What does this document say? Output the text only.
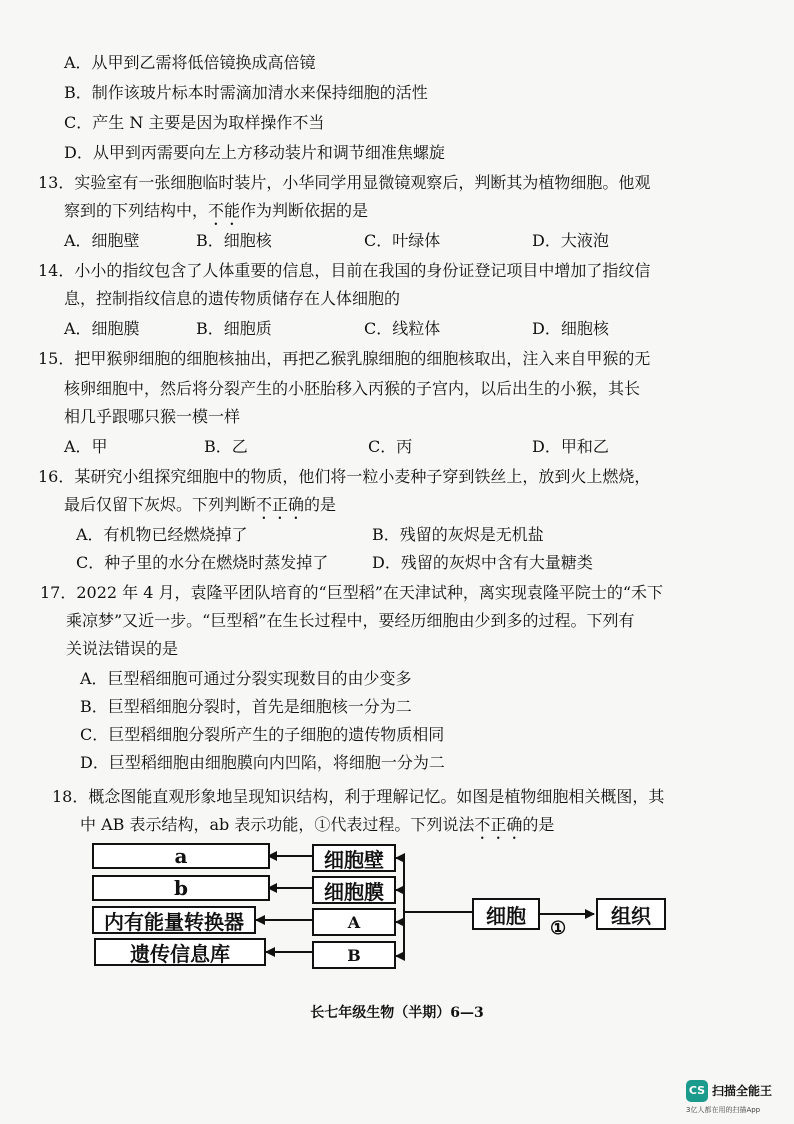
A．从甲到乙需将低倍镜换成高倍镜
B．制作该玻片标本时需滴加清水来保持细胞的活性
C．产生 N 主要是因为取样操作不当
D．从甲到丙需要向左上方移动装片和调节细准焦螺旋
13．实验室有一张细胞临时装片，小华同学用显微镜观察后，判断其为植物细胞。他观
察到的下列结构中，不能作为判断依据的是
A．细胞壁	B．细胞核	C．叶绿体	D．大液泡
14．小小的指纹包含了人体重要的信息，目前在我国的身份证登记项目中增加了指纹信
息，控制指纹信息的遗传物质储存在人体细胞的
A．细胞膜	B．细胞质	C．线粒体	D．细胞核
15．把甲猴卵细胞的细胞核抽出，再把乙猴乳腺细胞的细胞核取出，注入来自甲猴的无
核卵细胞中，然后将分裂产生的小胚胎移入丙猴的子宫内，以后出生的小猴，其长
相几乎跟哪只猴一模一样
A．甲	B．乙	C．丙	D．甲和乙
16．某研究小组探究细胞中的物质，他们将一粒小麦种子穿到铁丝上，放到火上燃烧，
最后仅留下灰烬。下列判断不正确的是
A．有机物已经燃烧掉了	B．残留的灰烬是无机盐
C．种子里的水分在燃烧时蒸发掉了	D．残留的灰烬中含有大量糖类
17．2022 年 4 月，袁隆平团队培育的“巨型稻”在天津试种，离实现袁隆平院士的“禾下
乘凉梦”又近一步。“巨型稻”在生长过程中，要经历细胞由少到多的过程。下列有
关说法错误的是
A．巨型稻细胞可通过分裂实现数目的由少变多
B．巨型稻细胞分裂时，首先是细胞核一分为二
C．巨型稻细胞分裂所产生的子细胞的遗传物质相同
D．巨型稻细胞由细胞膜向内凹陷，将细胞一分为二
18．概念图能直观形象地呈现知识结构，利于理解记忆。如图是植物细胞相关概图，其
中 AB 表示结构，ab 表示功能，①代表过程。下列说法不正确的是
a
b
内有能量转换器
遗传信息库
细胞壁
细胞膜
A
B
细胞
①
组织
长七年级生物（半期）6—3
CS 扫描全能王
3亿人都在用的扫描App
